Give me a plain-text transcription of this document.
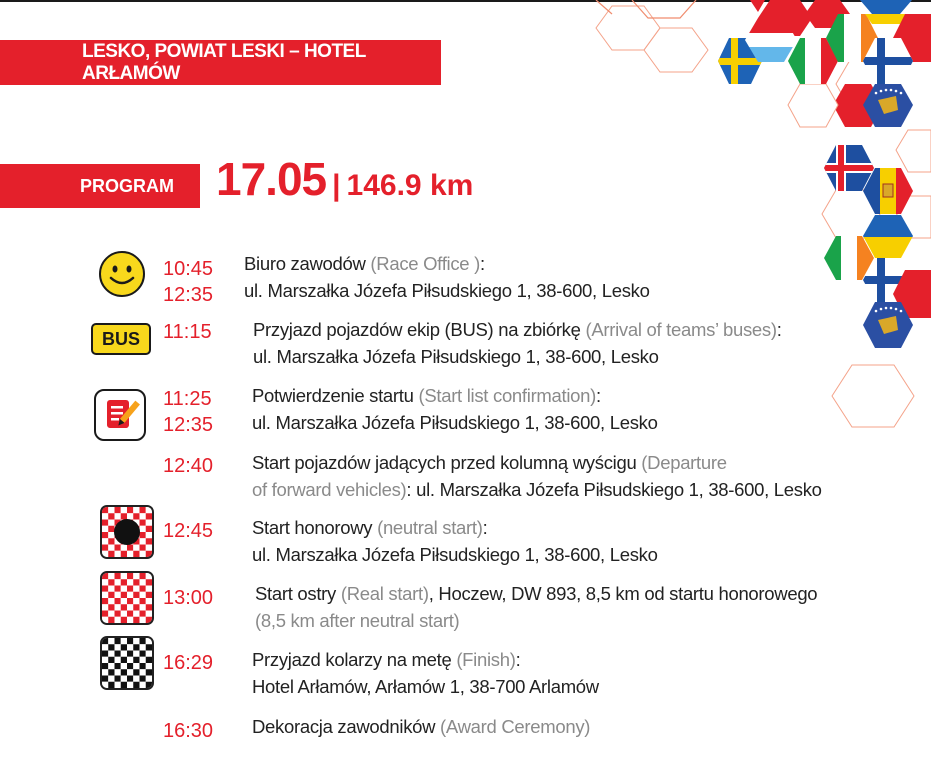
LESKO, POWIAT LESKI – HOTEL ARŁAMÓW
PROGRAM 17.05 | 146.9 km
10:45
12:35
Biuro zawodów (Race Office ):
ul. Marszałka Józefa Piłsudskiego 1, 38-600, Lesko
BUS 11:15 Przyjazd pojazdów ekip (BUS) na zbiórkę (Arrival of teams’ buses):
ul. Marszałka Józefa Piłsudskiego 1, 38-600, Lesko
11:25
12:35
Potwierdzenie startu (Start list confirmation):
ul. Marszałka Józefa Piłsudskiego 1, 38-600, Lesko
12:40 Start pojazdów jadących przed kolumną wyścigu (Departure
of forward vehicles): ul. Marszałka Józefa Piłsudskiego 1, 38-600, Lesko
12:45 Start honorowy (neutral start):
ul. Marszałka Józefa Piłsudskiego 1, 38-600, Lesko
13:00 Start ostry (Real start), Hoczew, DW 893, 8,5 km od startu honorowego
(8,5 km after neutral start)
16:29 Przyjazd kolarzy na metę (Finish):
Hotel Arłamów, Arłamów 1, 38-700 Arlamów
16:30 Dekoracja zawodników (Award Ceremony)
